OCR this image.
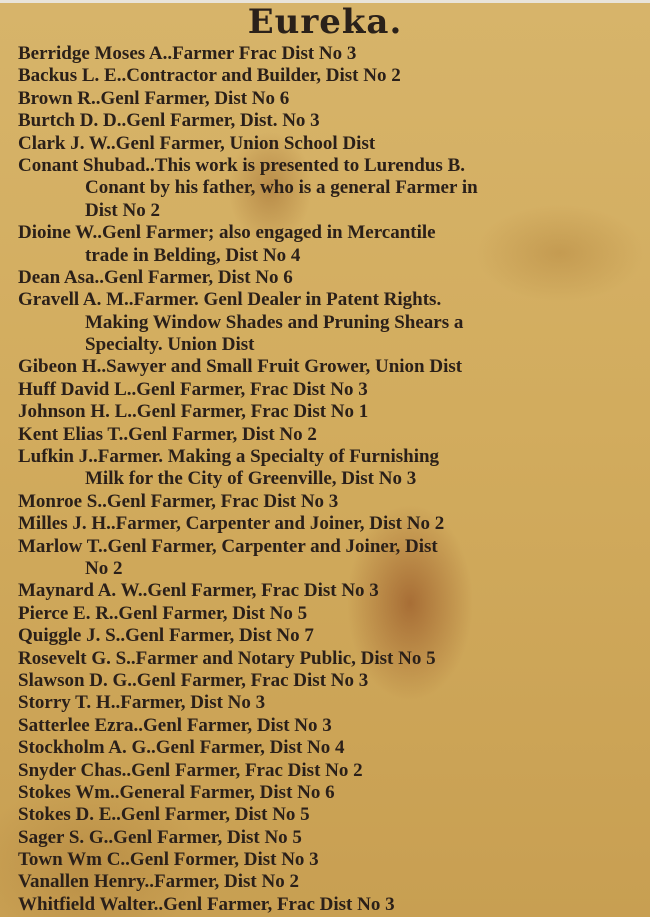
Eureka.
Berridge Moses A..Farmer Frac Dist No 3
Backus L. E..Contractor and Builder, Dist No 2
Brown R..Genl Farmer, Dist No 6
Burtch D. D..Genl Farmer, Dist. No 3
Clark J. W..Genl Farmer, Union School Dist
Conant Shubad..This work is presented to Lurendus B.
Conant by his father, who is a general Farmer in
Dist No 2
Dioine W..Genl Farmer; also engaged in Mercantile
trade in Belding, Dist No 4
Dean Asa..Genl Farmer, Dist No 6
Gravell A. M..Farmer. Genl Dealer in Patent Rights.
Making Window Shades and Pruning Shears a
Specialty. Union Dist
Gibeon H..Sawyer and Small Fruit Grower, Union Dist
Huff David L..Genl Farmer, Frac Dist No 3
Johnson H. L..Genl Farmer, Frac Dist No 1
Kent Elias T..Genl Farmer, Dist No 2
Lufkin J..Farmer. Making a Specialty of Furnishing
Milk for the City of Greenville, Dist No 3
Monroe S..Genl Farmer, Frac Dist No 3
Milles J. H..Farmer, Carpenter and Joiner, Dist No 2
Marlow T..Genl Farmer, Carpenter and Joiner, Dist
No 2
Maynard A. W..Genl Farmer, Frac Dist No 3
Pierce E. R..Genl Farmer, Dist No 5
Quiggle J. S..Genl Farmer, Dist No 7
Rosevelt G. S..Farmer and Notary Public, Dist No 5
Slawson D. G..Genl Farmer, Frac Dist No 3
Storry T. H..Farmer, Dist No 3
Satterlee Ezra..Genl Farmer, Dist No 3
Stockholm A. G..Genl Farmer, Dist No 4
Snyder Chas..Genl Farmer, Frac Dist No 2
Stokes Wm..General Farmer, Dist No 6
Stokes D. E..Genl Farmer, Dist No 5
Sager S. G..Genl Farmer, Dist No 5
Town Wm C..Genl Former, Dist No 3
Vanallen Henry..Farmer, Dist No 2
Whitfield Walter..Genl Farmer, Frac Dist No 3
